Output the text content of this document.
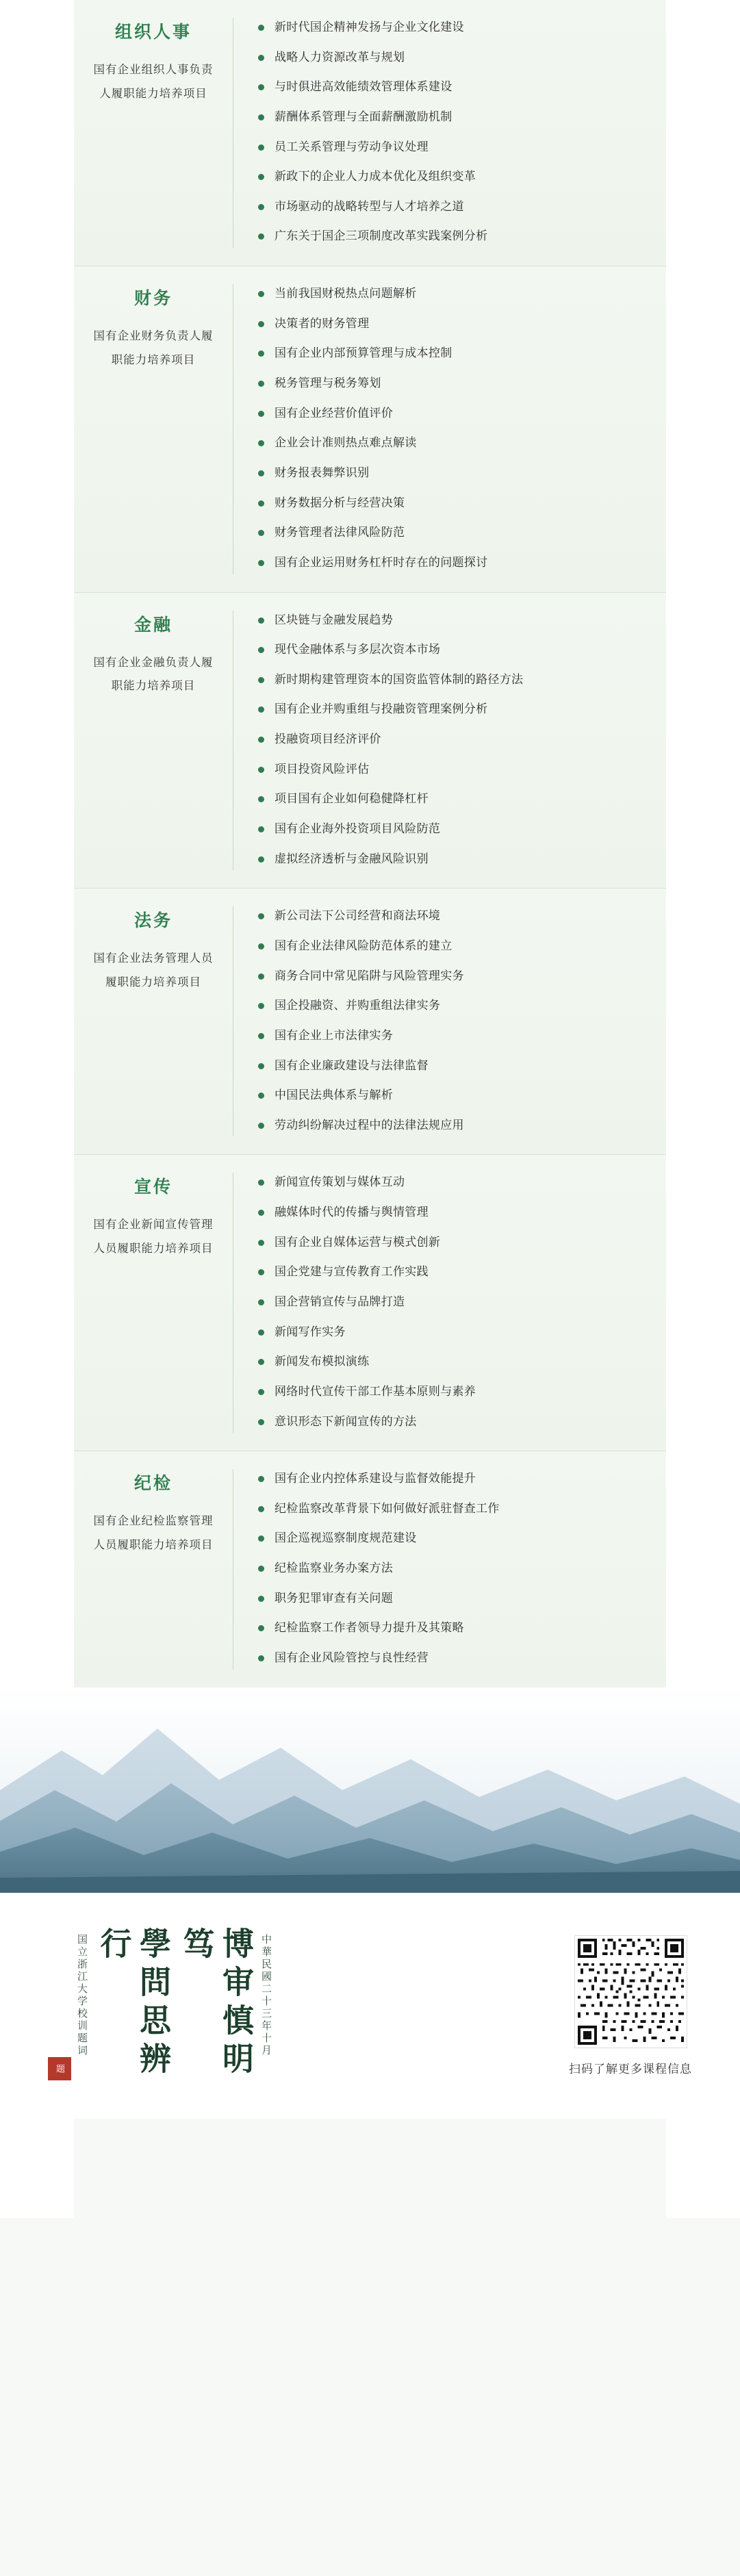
组织人事
国有企业组织人事负责人履职能力培养项目
新时代国企精神发扬与企业文化建设
战略人力资源改革与规划
与时俱进高效能绩效管理体系建设
薪酬体系管理与全面薪酬激励机制
员工关系管理与劳动争议处理
新政下的企业人力成本优化及组织变革
市场驱动的战略转型与人才培养之道
广东关于国企三项制度改革实践案例分析
财务
国有企业财务负责人履职能力培养项目
当前我国财税热点问题解析
决策者的财务管理
国有企业内部预算管理与成本控制
税务管理与税务筹划
国有企业经营价值评价
企业会计准则热点难点解读
财务报表舞弊识别
财务数据分析与经营决策
财务管理者法律风险防范
国有企业运用财务杠杆时存在的问题探讨
金融
国有企业金融负责人履职能力培养项目
区块链与金融发展趋势
现代金融体系与多层次资本市场
新时期构建管理资本的国资监管体制的路径方法
国有企业并购重组与投融资管理案例分析
投融资项目经济评价
项目投资风险评估
项目国有企业如何稳健降杠杆
国有企业海外投资项目风险防范
虚拟经济透析与金融风险识别
法务
国有企业法务管理人员履职能力培养项目
新公司法下公司经营和商法环境
国有企业法律风险防范体系的建立
商务合同中常见陷阱与风险管理实务
国企投融资、并购重组法律实务
国有企业上市法律实务
国有企业廉政建设与法律监督
中国民法典体系与解析
劳动纠纷解决过程中的法律法规应用
宣传
国有企业新闻宣传管理人员履职能力培养项目
新闻宣传策划与媒体互动
融媒体时代的传播与舆情管理
国有企业自媒体运营与模式创新
国企党建与宣传教育工作实践
国企营销宣传与品牌打造
新闻写作实务
新闻发布模拟演练
网络时代宣传干部工作基本原则与素养
意识形态下新闻宣传的方法
纪检
国有企业纪检监察管理人员履职能力培养项目
国有企业内控体系建设与监督效能提升
纪检监察改革背景下如何做好派驻督查工作
国企巡视巡察制度规范建设
纪检监察业务办案方法
职务犯罪审查有关问题
纪检监察工作者领导力提升及其策略
国有企业风险管控与良性经营
中華民國二十三年十月
博审慎明笃
學問思辨行
国立浙江大学校训题词
题	扫码了解更多课程信息
